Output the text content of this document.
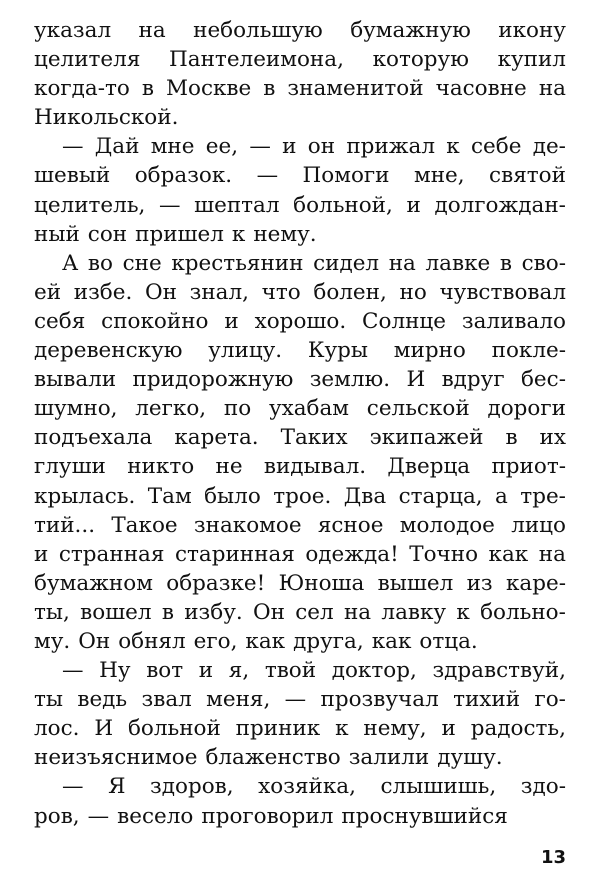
указал на небольшую бумажную икону
целителя Пантелеимона, которую купил
когда-то в Москве в знаменитой часовне на
Никольской.
— Дай мне ее, — и он прижал к себе де-
шевый образок. — Помоги мне, святой
целитель, — шептал больной, и долгождан-
ный сон пришел к нему.
А во сне крестьянин сидел на лавке в сво-
ей избе. Он знал, что болен, но чувствовал
себя спокойно и хорошо. Солнце заливало
деревенскую улицу. Куры мирно покле-
вывали придорожную землю. И вдруг бес-
шумно, легко, по ухабам сельской дороги
подъехала карета. Таких экипажей в их
глуши никто не видывал. Дверца приот-
крылась. Там было трое. Два старца, а тре-
тий... Такое знакомое ясное молодое лицо
и странная старинная одежда! Точно как на
бумажном образке! Юноша вышел из каре-
ты, вошел в избу. Он сел на лавку к больно-
му. Он обнял его, как друга, как отца.
— Ну вот и я, твой доктор, здравствуй,
ты ведь звал меня, — прозвучал тихий го-
лос. И больной приник к нему, и радость,
неизъяснимое блаженство залили душу.
— Я здоров, хозяйка, слышишь, здо-
ров, — весело проговорил проснувшийся
13
